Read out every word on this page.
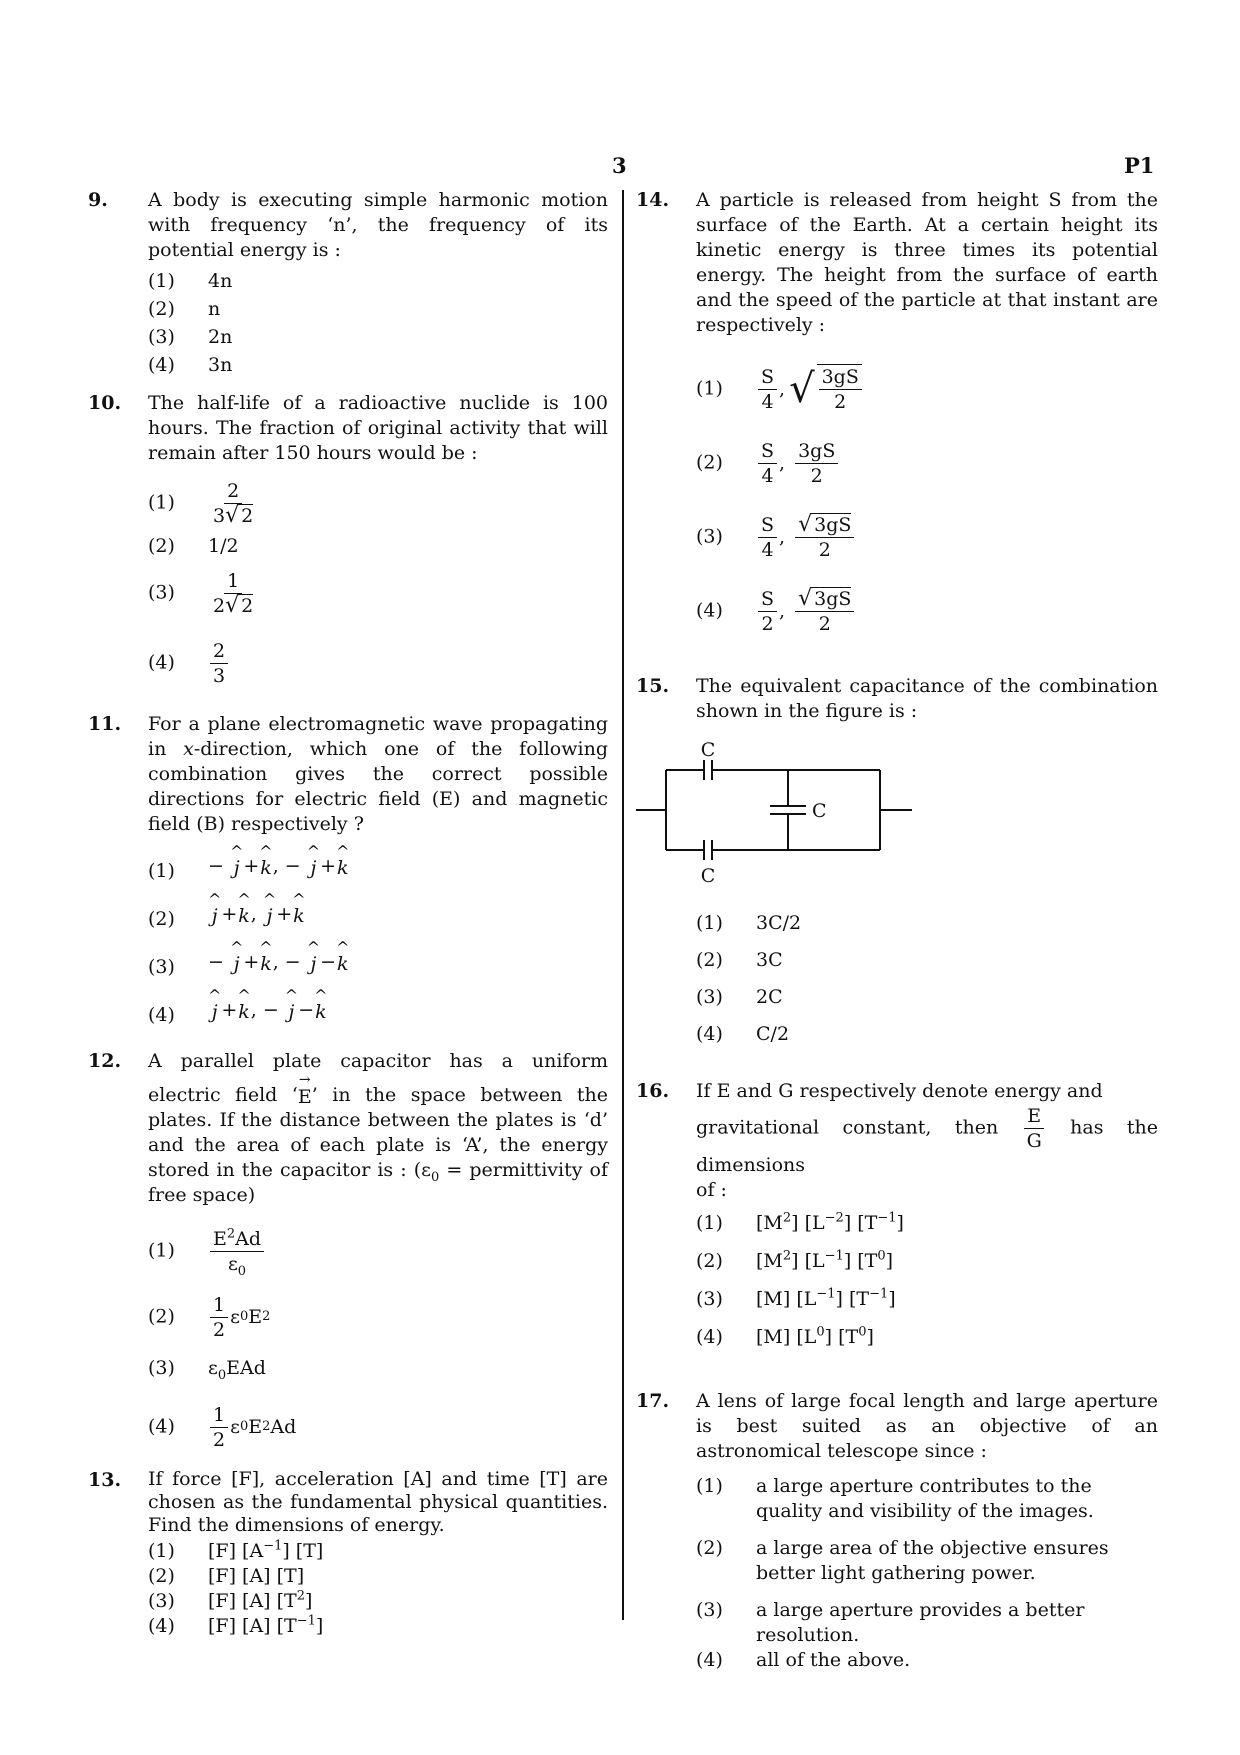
3	P1
9. A body is executing simple harmonic motion with frequency ‘n’, the frequency of its potential energy is :
(1) 4n
(2) n
(3) 2n
(4) 3n
10. The half-life of a radioactive nuclide is 100 hours. The fraction of original activity that will remain after 150 hours would be :
$(1) \frac{2}{3√ 2}$
(2) 1/2
$(3) \frac{1}{2√ 2}$
$(4) \frac{2}{3}$
11. For a plane electromagnetic wave propagating in x-direction, which one of the following combination gives the correct possible directions for electric field (E) and magnetic field (B) respectively ?
(1) −
^
j +
^
k , −
^
j +
^
k
(2)
^
j +
^
k ,
^
j +
^
k
(3) −
^
j +
^
k , −
^
j −
^
k
(4)
^
j +
^
k , −
^
j −
^
k
12. A parallel plate capacitor has a uniform electric field ‘
→
E ’ in the space between the plates. If the distance between the plates is ‘d’ and the area of each plate is ‘A’, the energy stored in the capacitor is : ($\varepsilon_0$ = permittivity of free space)
$(1) \frac{E^2Ad}{\varepsilon_0}$
$(2) \frac{1}{2}$ ε 0 E 2
(3) $\varepsilon_0EAd$
$(4) \frac{1}{2}$ ε 0 E 2 Ad
13. If force [F], acceleration [A] and time [T] are chosen as the fundamental physical quantities. Find the dimensions of energy.
(1) [F] $[A^{-1}]$ [T]
(2) [F] [A] [T]
(3) [F] [A] $[T^2]$
(4) [F] [A] $[T^{-1}]$
14. A particle is released from height S from the surface of the Earth. At a certain height its kinetic energy is three times its potential energy. The height from the surface of earth and the speed of the particle at that instant are respectively :
$(1) \frac{S}{4}$ , √ $\frac{3gS}{2}$
$(2) \frac{S}{4}$ , $\frac{3gS}{2}$
$(3) \frac{S}{4}$ , $\frac{√ 3gS}{2}$
$(4) \frac{S}{2}$ , $\frac{√ 3gS}{2}$
15. The equivalent capacitance of the combination shown in the figure is :
C
C
C
(1) 3C/2
(2) 3C
(3) 2C
(4) C/2
16. If E and G respectively denote energy and
gravitational constant, then $\frac{E}{G}$ has the dimensions
of :
(1) $[M^2]$ $[L^{-2}]$ $[T^{-1}]$
(2) $[M^2]$ $[L^{-1}]$ $[T^0]$
(3) [M] $[L^{-1}]$ $[T^{-1}]$
(4) [M] $[L^0]$ $[T^0]$
17. A lens of large focal length and large aperture is best suited as an objective of an astronomical telescope since :
(1) a large aperture contributes to the quality and visibility of the images.
(2) a large area of the objective ensures better light gathering power.
(3) a large aperture provides a better resolution.
(4) all of the above.
